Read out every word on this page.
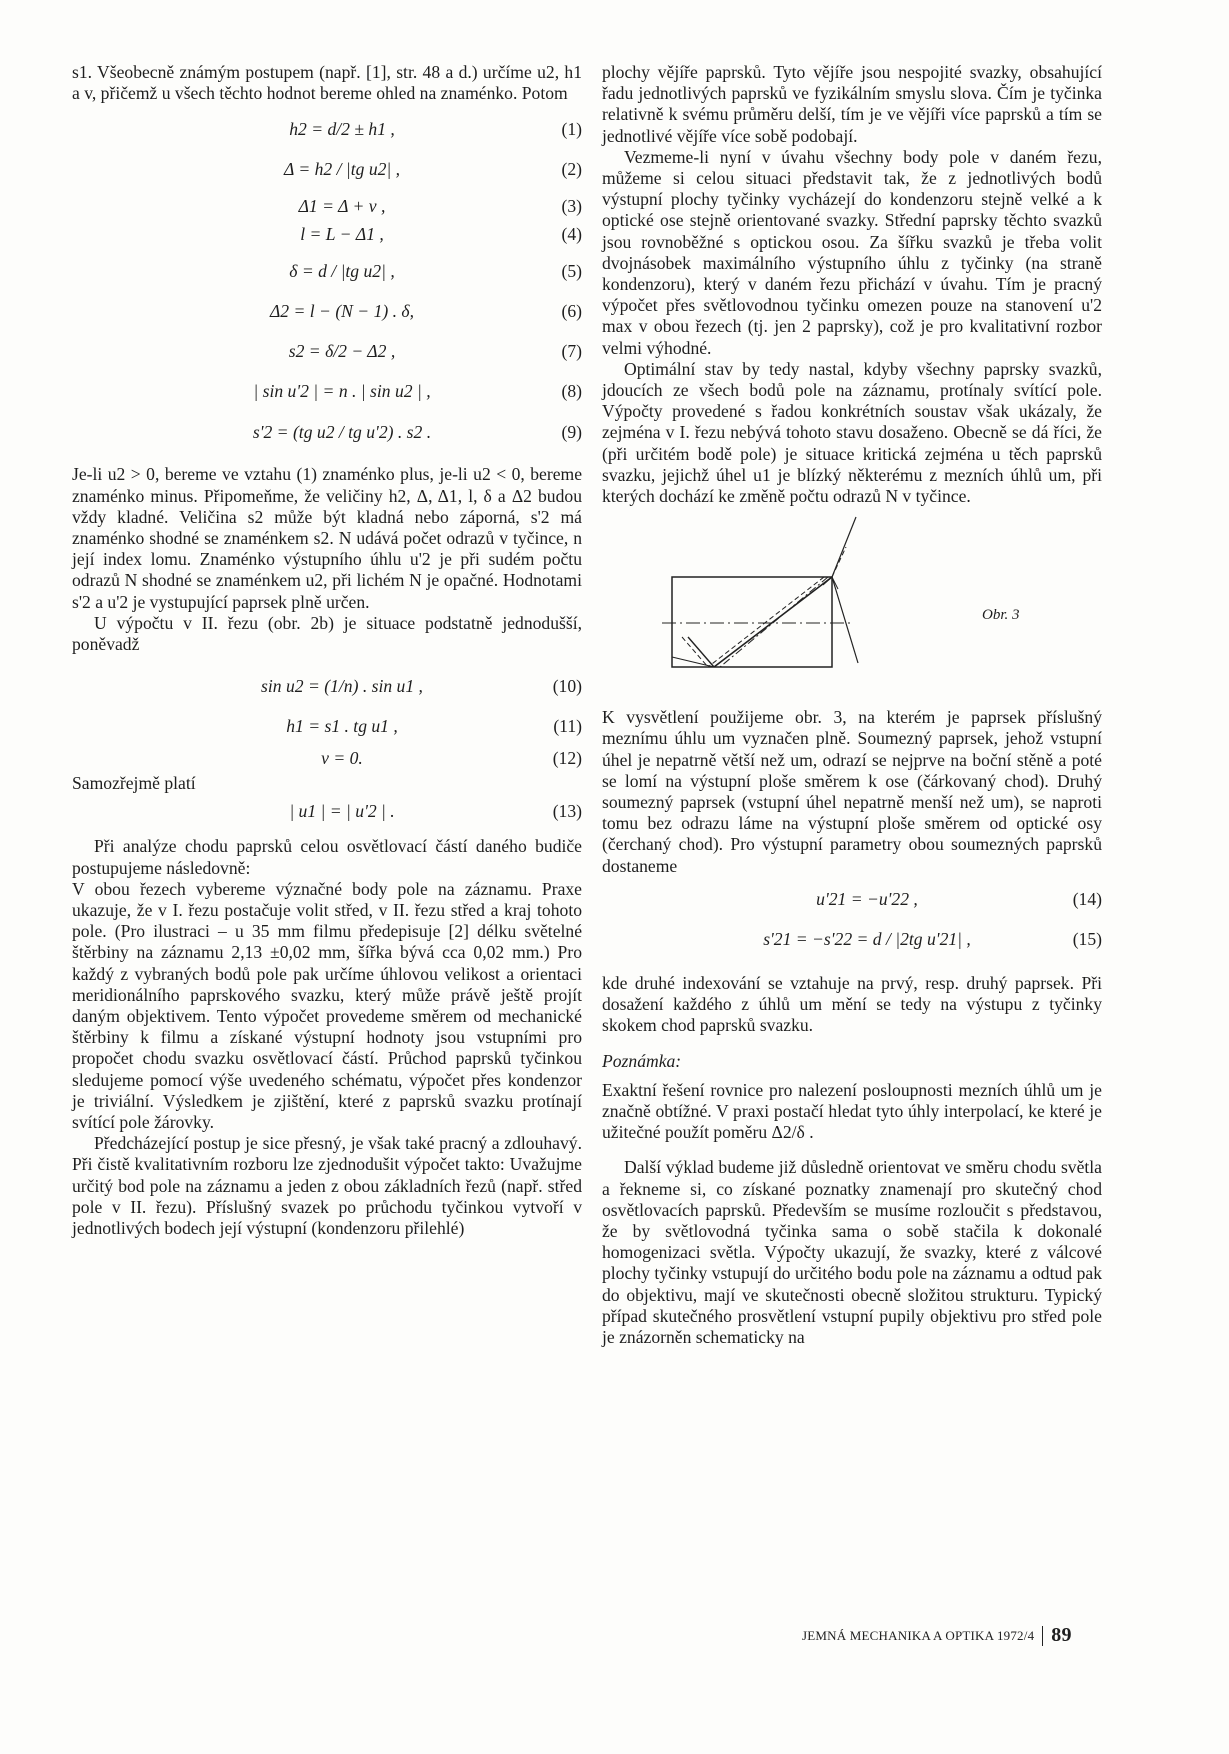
s1. Všeobecně známým postupem (např. [1], str. 48 a d.) určíme u2, h1 a v, přičemž u všech těchto hodnot bereme ohled na znaménko. Potom

h2 = d/2 ± h1 ,	(1)
Δ = h2 / |tg u2| ,	(2)
Δ1 = Δ + v ,	(3)
l = L − Δ1 ,	(4)
δ = d / |tg u2| ,	(5)
Δ2 = l − (N − 1) . δ,	(6)
s2 = δ/2 − Δ2 ,	(7)
| sin u'2 | = n . | sin u2 | ,	(8)
s'2 = (tg u2 / tg u'2) . s2 .	(9)

Je-li u2 > 0, bereme ve vztahu (1) znaménko plus, je-li u2 < 0, bereme znaménko minus. Připomeňme, že veličiny h2, Δ, Δ1, l, δ a Δ2 budou vždy kladné. Veličina s2 může být kladná nebo záporná, s'2 má znaménko shodné se znaménkem s2. N udává počet odrazů v tyčince, n její index lomu. Znaménko výstupního úhlu u'2 je při sudém počtu odrazů N shodné se znaménkem u2, při lichém N je opačné. Hodnotami s'2 a u'2 je vystupující paprsek plně určen.

U výpočtu v II. řezu (obr. 2b) je situace podstatně jednodušší, poněvadž

sin u2 = (1/n) . sin u1 ,	(10)
h1 = s1 . tg u1 ,	(11)
v = 0.	(12)

Samozřejmě platí

| u1 | = | u'2 | .	(13)

Při analýze chodu paprsků celou osvětlovací částí daného budiče postupujeme následovně:

V obou řezech vybereme význačné body pole na záznamu. Praxe ukazuje, že v I. řezu postačuje volit střed, v II. řezu střed a kraj tohoto pole. (Pro ilustraci – u 35 mm filmu předepisuje [2] délku světelné štěrbiny na záznamu 2,13 ±0,02 mm, šířka bývá cca 0,02 mm.) Pro každý z vybraných bodů pole pak určíme úhlovou velikost a orientaci meridionálního paprskového svazku, který může právě ještě projít daným objektivem. Tento výpočet provedeme směrem od mechanické štěrbiny k filmu a získané výstupní hodnoty jsou vstupními pro propočet chodu svazku osvětlovací částí. Průchod paprsků tyčinkou sledujeme pomocí výše uvedeného schématu, výpočet přes kondenzor je triviální. Výsledkem je zjištění, které z paprsků svazku protínají svítící pole žárovky.

Předcházející postup je sice přesný, je však také pracný a zdlouhavý. Při čistě kvalitativním rozboru lze zjednodušit výpočet takto: Uvažujme určitý bod pole na záznamu a jeden z obou základních řezů (např. střed pole v II. řezu). Příslušný svazek po průchodu tyčinkou vytvoří v jednotlivých bodech její výstupní (kondenzoru přilehlé)

plochy vějíře paprsků. Tyto vějíře jsou nespojité svazky, obsahující řadu jednotlivých paprsků ve fyzikálním smyslu slova. Čím je tyčinka relativně k svému průměru delší, tím je ve vějíři více paprsků a tím se jednotlivé vějíře více sobě podobají.

Vezmeme-li nyní v úvahu všechny body pole v daném řezu, můžeme si celou situaci představit tak, že z jednotlivých bodů výstupní plochy tyčinky vycházejí do kondenzoru stejně velké a k optické ose stejně orientované svazky. Střední paprsky těchto svazků jsou rovnoběžné s optickou osou. Za šířku svazků je třeba volit dvojnásobek maximálního výstupního úhlu z tyčinky (na straně kondenzoru), který v daném řezu přichází v úvahu. Tím je pracný výpočet přes světlovodnou tyčinku omezen pouze na stanovení u'2 max v obou řezech (tj. jen 2 paprsky), což je pro kvalitativní rozbor velmi výhodné.

Optimální stav by tedy nastal, kdyby všechny paprsky svazků, jdoucích ze všech bodů pole na záznamu, protínaly svítící pole. Výpočty provedené s řadou konkrétních soustav však ukázaly, že zejména v I. řezu nebývá tohoto stavu dosaženo. Obecně se dá říci, že (při určitém bodě pole) je situace kritická zejména u těch paprsků svazku, jejichž úhel u1 je blízký některému z mezních úhlů um, při kterých dochází ke změně počtu odrazů N v tyčince.

Obr. 3

K vysvětlení použijeme obr. 3, na kterém je paprsek příslušný meznímu úhlu um vyznačen plně. Soumezný paprsek, jehož vstupní úhel je nepatrně větší než um, odrazí se nejprve na boční stěně a poté se lomí na výstupní ploše směrem k ose (čárkovaný chod). Druhý soumezný paprsek (vstupní úhel nepatrně menší než um), se naproti tomu bez odrazu láme na výstupní ploše směrem od optické osy (čerchaný chod). Pro výstupní parametry obou soumezných paprsků dostaneme

u'21 = −u'22 ,	(14)
s'21 = −s'22 = d / |2tg u'21| ,	(15)

kde druhé indexování se vztahuje na prvý, resp. druhý paprsek. Při dosažení každého z úhlů um mění se tedy na výstupu z tyčinky skokem chod paprsků svazku.

Poznámka:

Exaktní řešení rovnice pro nalezení posloupnosti mezních úhlů um je značně obtížné. V praxi postačí hledat tyto úhly interpolací, ke které je užitečné použít poměru Δ2/δ .

Další výklad budeme již důsledně orientovat ve směru chodu světla a řekneme si, co získané poznatky znamenají pro skutečný chod osvětlovacích paprsků. Především se musíme rozloučit s představou, že by světlovodná tyčinka sama o sobě stačila k dokonalé homogenizaci světla. Výpočty ukazují, že svazky, které z válcové plochy tyčinky vstupují do určitého bodu pole na záznamu a odtud pak do objektivu, mají ve skutečnosti obecně složitou strukturu. Typický případ skutečného prosvětlení vstupní pupily objektivu pro střed pole je znázorněn schematicky na

JEMNÁ MECHANIKA A OPTIKA 1972/4 89
